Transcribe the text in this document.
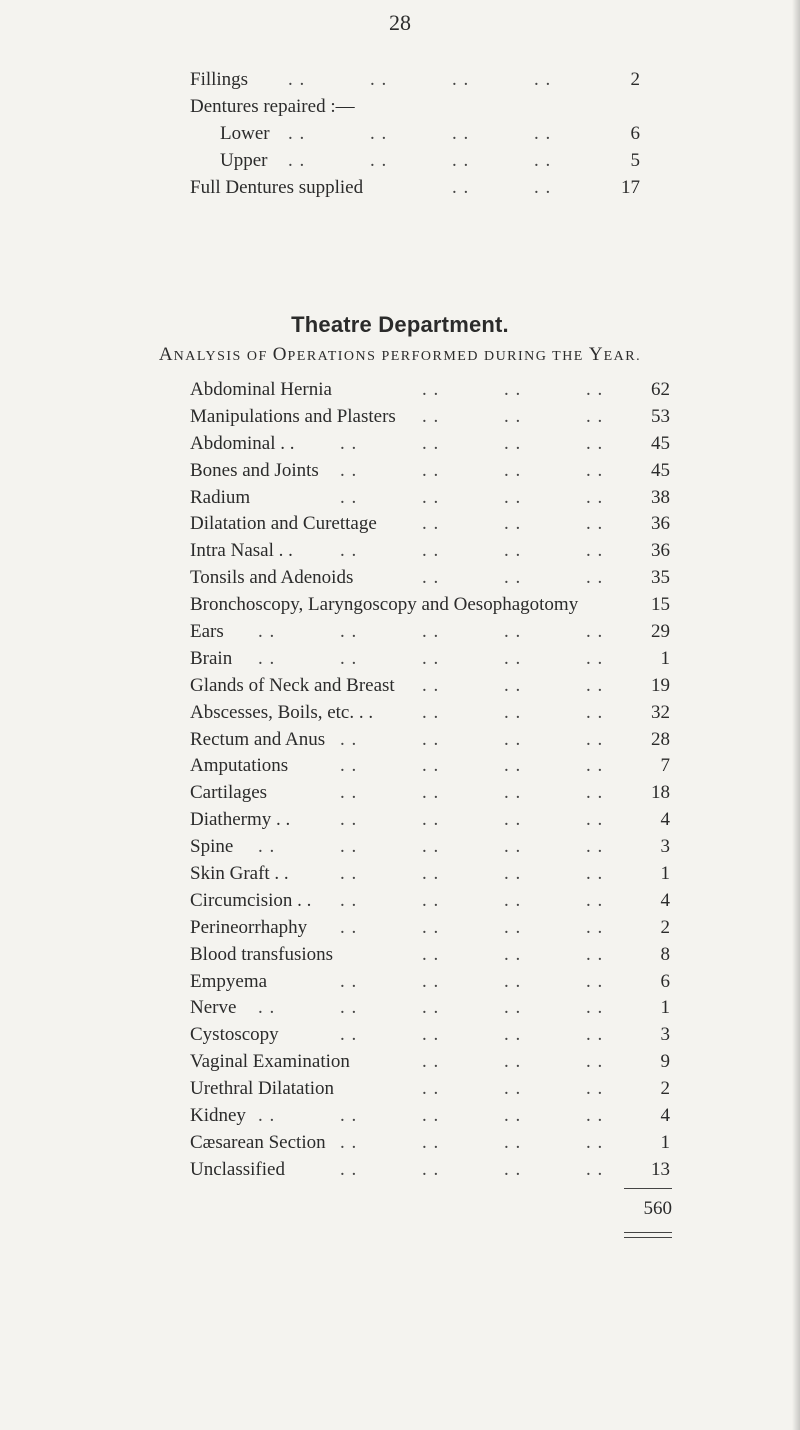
28
Fillings	2
. .	. .	. .	. .
Dentures repaired :—
Lower	6
. .	. .	. .	. .
Upper	5
. .	. .	. .	. .
Full Dentures supplied	17
. .	. .
Theatre Department.
ANALYSIS OF OPERATIONS PERFORMED DURING THE YEAR.
Abdominal Hernia	62
. .	. .	. .
Manipulations and Plasters	53
. .	. .	. .
Abdominal . .	45
. .	. .	. .	. .
Bones and Joints	45
. .	. .	. .	. .
Radium	38
. .	. .	. .	. .
Dilatation and Curettage	36
. .	. .	. .
Intra Nasal . .	36
. .	. .	. .	. .
Tonsils and Adenoids	35
. .	. .	. .
Bronchoscopy, Laryngoscopy and Oesophagotomy	15
Ears	29
. .	. .	. .	. .	. .
Brain	1
. .	. .	. .	. .	. .
Glands of Neck and Breast	19
. .	. .	. .
Abscesses, Boils, etc. . .	32
. .	. .	. .
Rectum and Anus	28
. .	. .	. .	. .
Amputations	7
. .	. .	. .	. .
Cartilages	18
. .	. .	. .	. .
Diathermy . .	4
. .	. .	. .	. .
Spine	3
. .	. .	. .	. .	. .
Skin Graft . .	1
. .	. .	. .	. .
Circumcision . .	4
. .	. .	. .	. .
Perineorrhaphy	2
. .	. .	. .	. .
Blood transfusions	8
. .	. .	. .
Empyema	6
. .	. .	. .	. .
Nerve	1
. .	. .	. .	. .	. .
Cystoscopy	3
. .	. .	. .	. .
Vaginal Examination	9
. .	. .	. .
Urethral Dilatation	2
. .	. .	. .
Kidney	4
. .	. .	. .	. .	. .
Cæsarean Section	1
. .	. .	. .	. .
Unclassified	13
. .	. .	. .	. .
560
